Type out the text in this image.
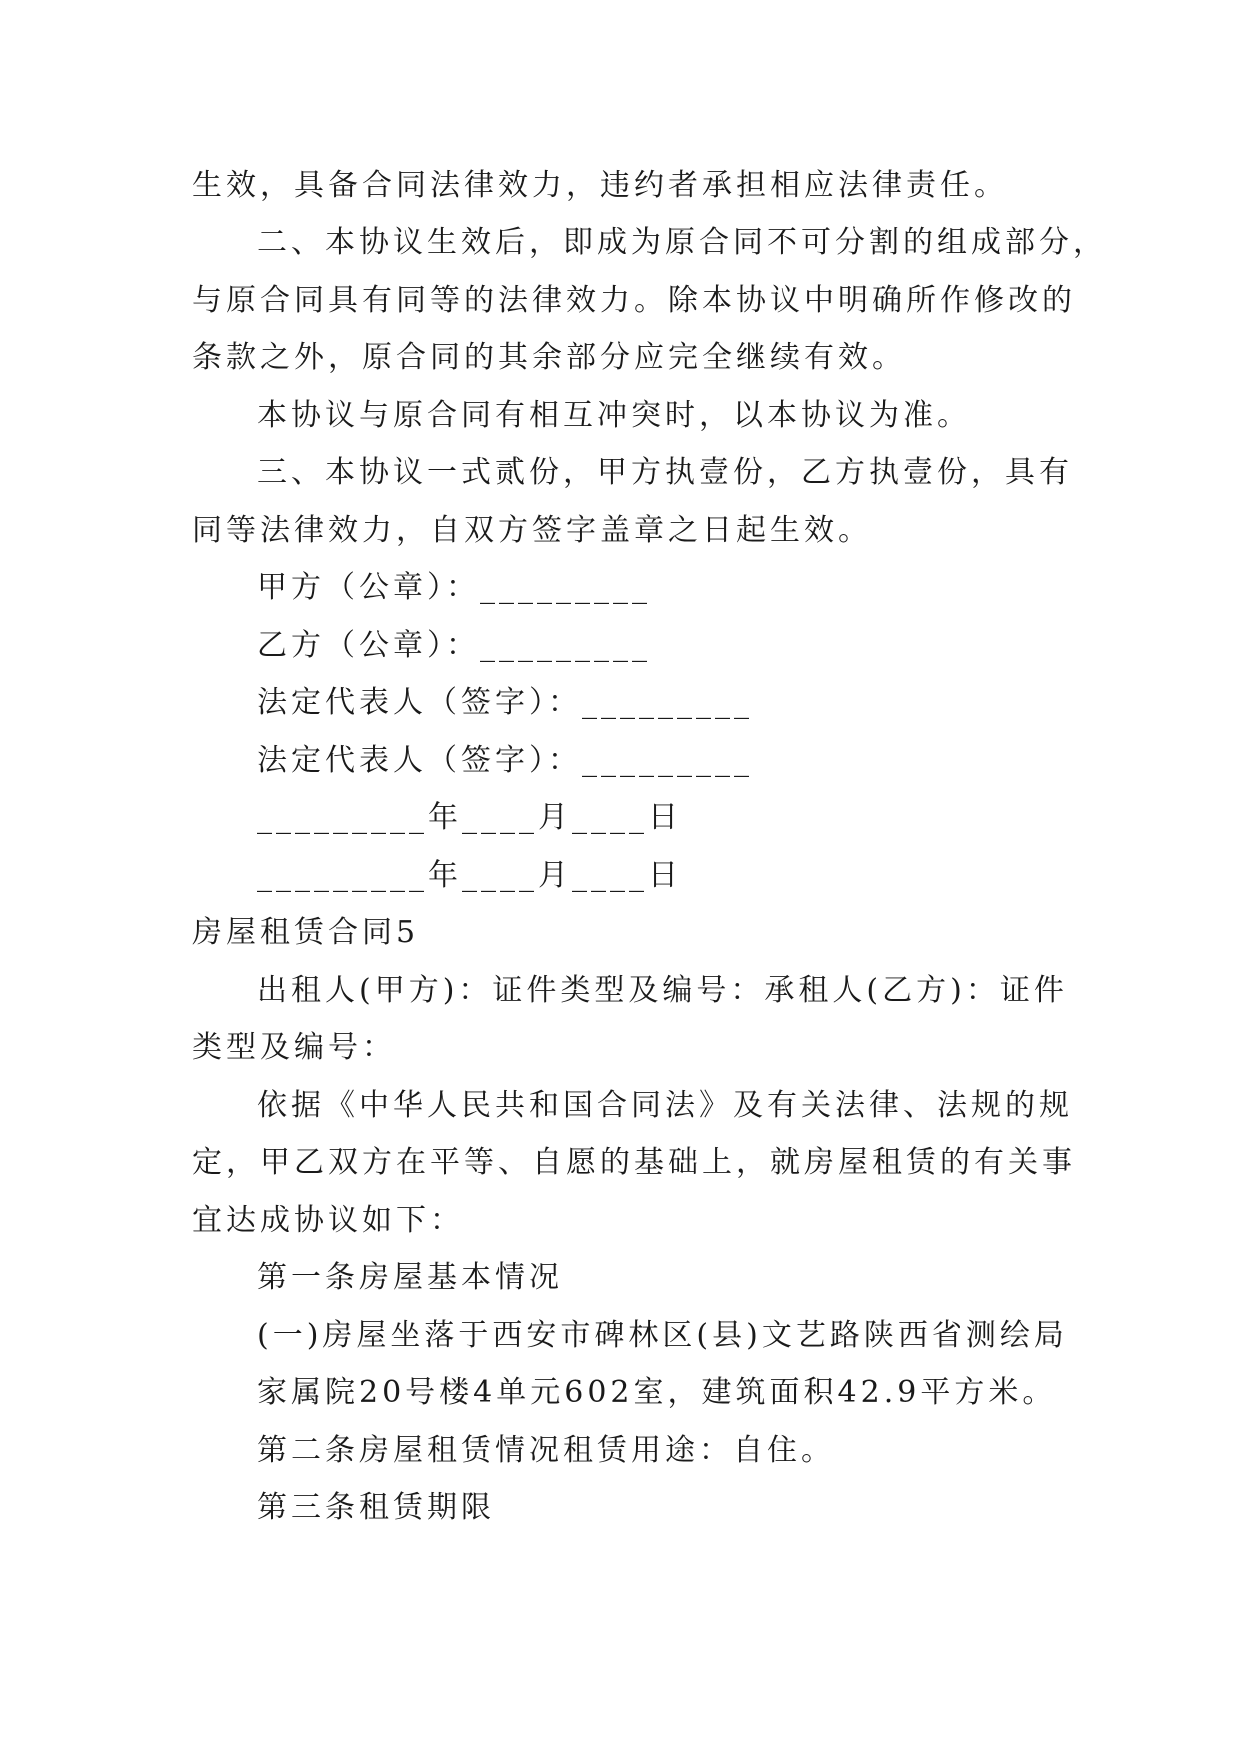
生效，具备合同法律效力，违约者承担相应法律责任。
二、本协议生效后，即成为原合同不可分割的组成部分，
与原合同具有同等的法律效力。除本协议中明确所作修改的
条款之外，原合同的其余部分应完全继续有效。
本协议与原合同有相互冲突时，以本协议为准。
三、本协议一式贰份，甲方执壹份，乙方执壹份，具有
同等法律效力，自双方签字盖章之日起生效。
甲方（公章）：_________
乙方（公章）：_________
法定代表人（签字）：_________
法定代表人（签字）：_________
_________年____月____日
_________年____月____日
房屋租赁合同5
出租人(甲方)：证件类型及编号：承租人(乙方)：证件
类型及编号：
依据《中华人民共和国合同法》及有关法律、法规的规
定，甲乙双方在平等、自愿的基础上，就房屋租赁的有关事
宜达成协议如下：
第一条房屋基本情况
(一)房屋坐落于西安市碑林区(县)文艺路陕西省测绘局
家属院20号楼4单元602室，建筑面积42.9平方米。
第二条房屋租赁情况租赁用途：自住。
第三条租赁期限
